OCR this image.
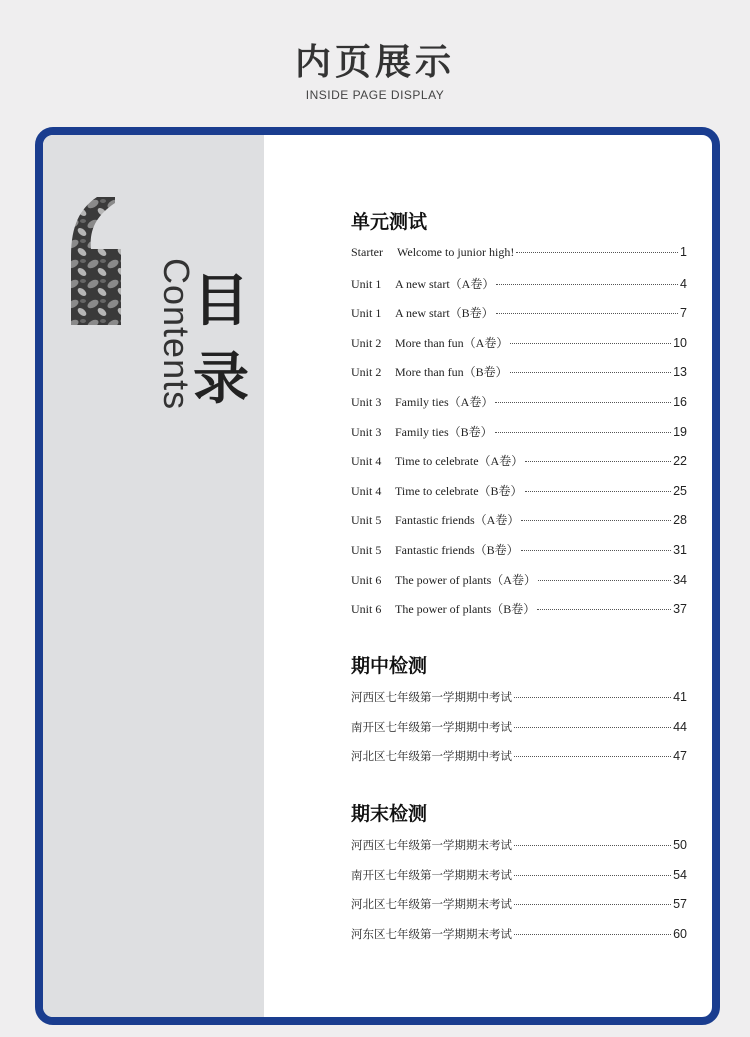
内页展示
INSIDE PAGE DISPLAY
Contents
目
录
单元测试
Starter	Welcome to junior high!	1
Unit 1	A new start（A卷）	4
Unit 1	A new start（B卷）	7
Unit 2	More than fun（A卷）	10
Unit 2	More than fun（B卷）	13
Unit 3	Family ties（A卷）	16
Unit 3	Family ties（B卷）	19
Unit 4	Time to celebrate（A卷）	22
Unit 4	Time to celebrate（B卷）	25
Unit 5	Fantastic friends（A卷）	28
Unit 5	Fantastic friends（B卷）	31
Unit 6	The power of plants（A卷）	34
Unit 6	The power of plants（B卷）	37
期中检测
河西区七年级第一学期期中考试	41
南开区七年级第一学期期中考试	44
河北区七年级第一学期期中考试	47
期末检测
河西区七年级第一学期期末考试	50
南开区七年级第一学期期末考试	54
河北区七年级第一学期期末考试	57
河东区七年级第一学期期末考试	60
